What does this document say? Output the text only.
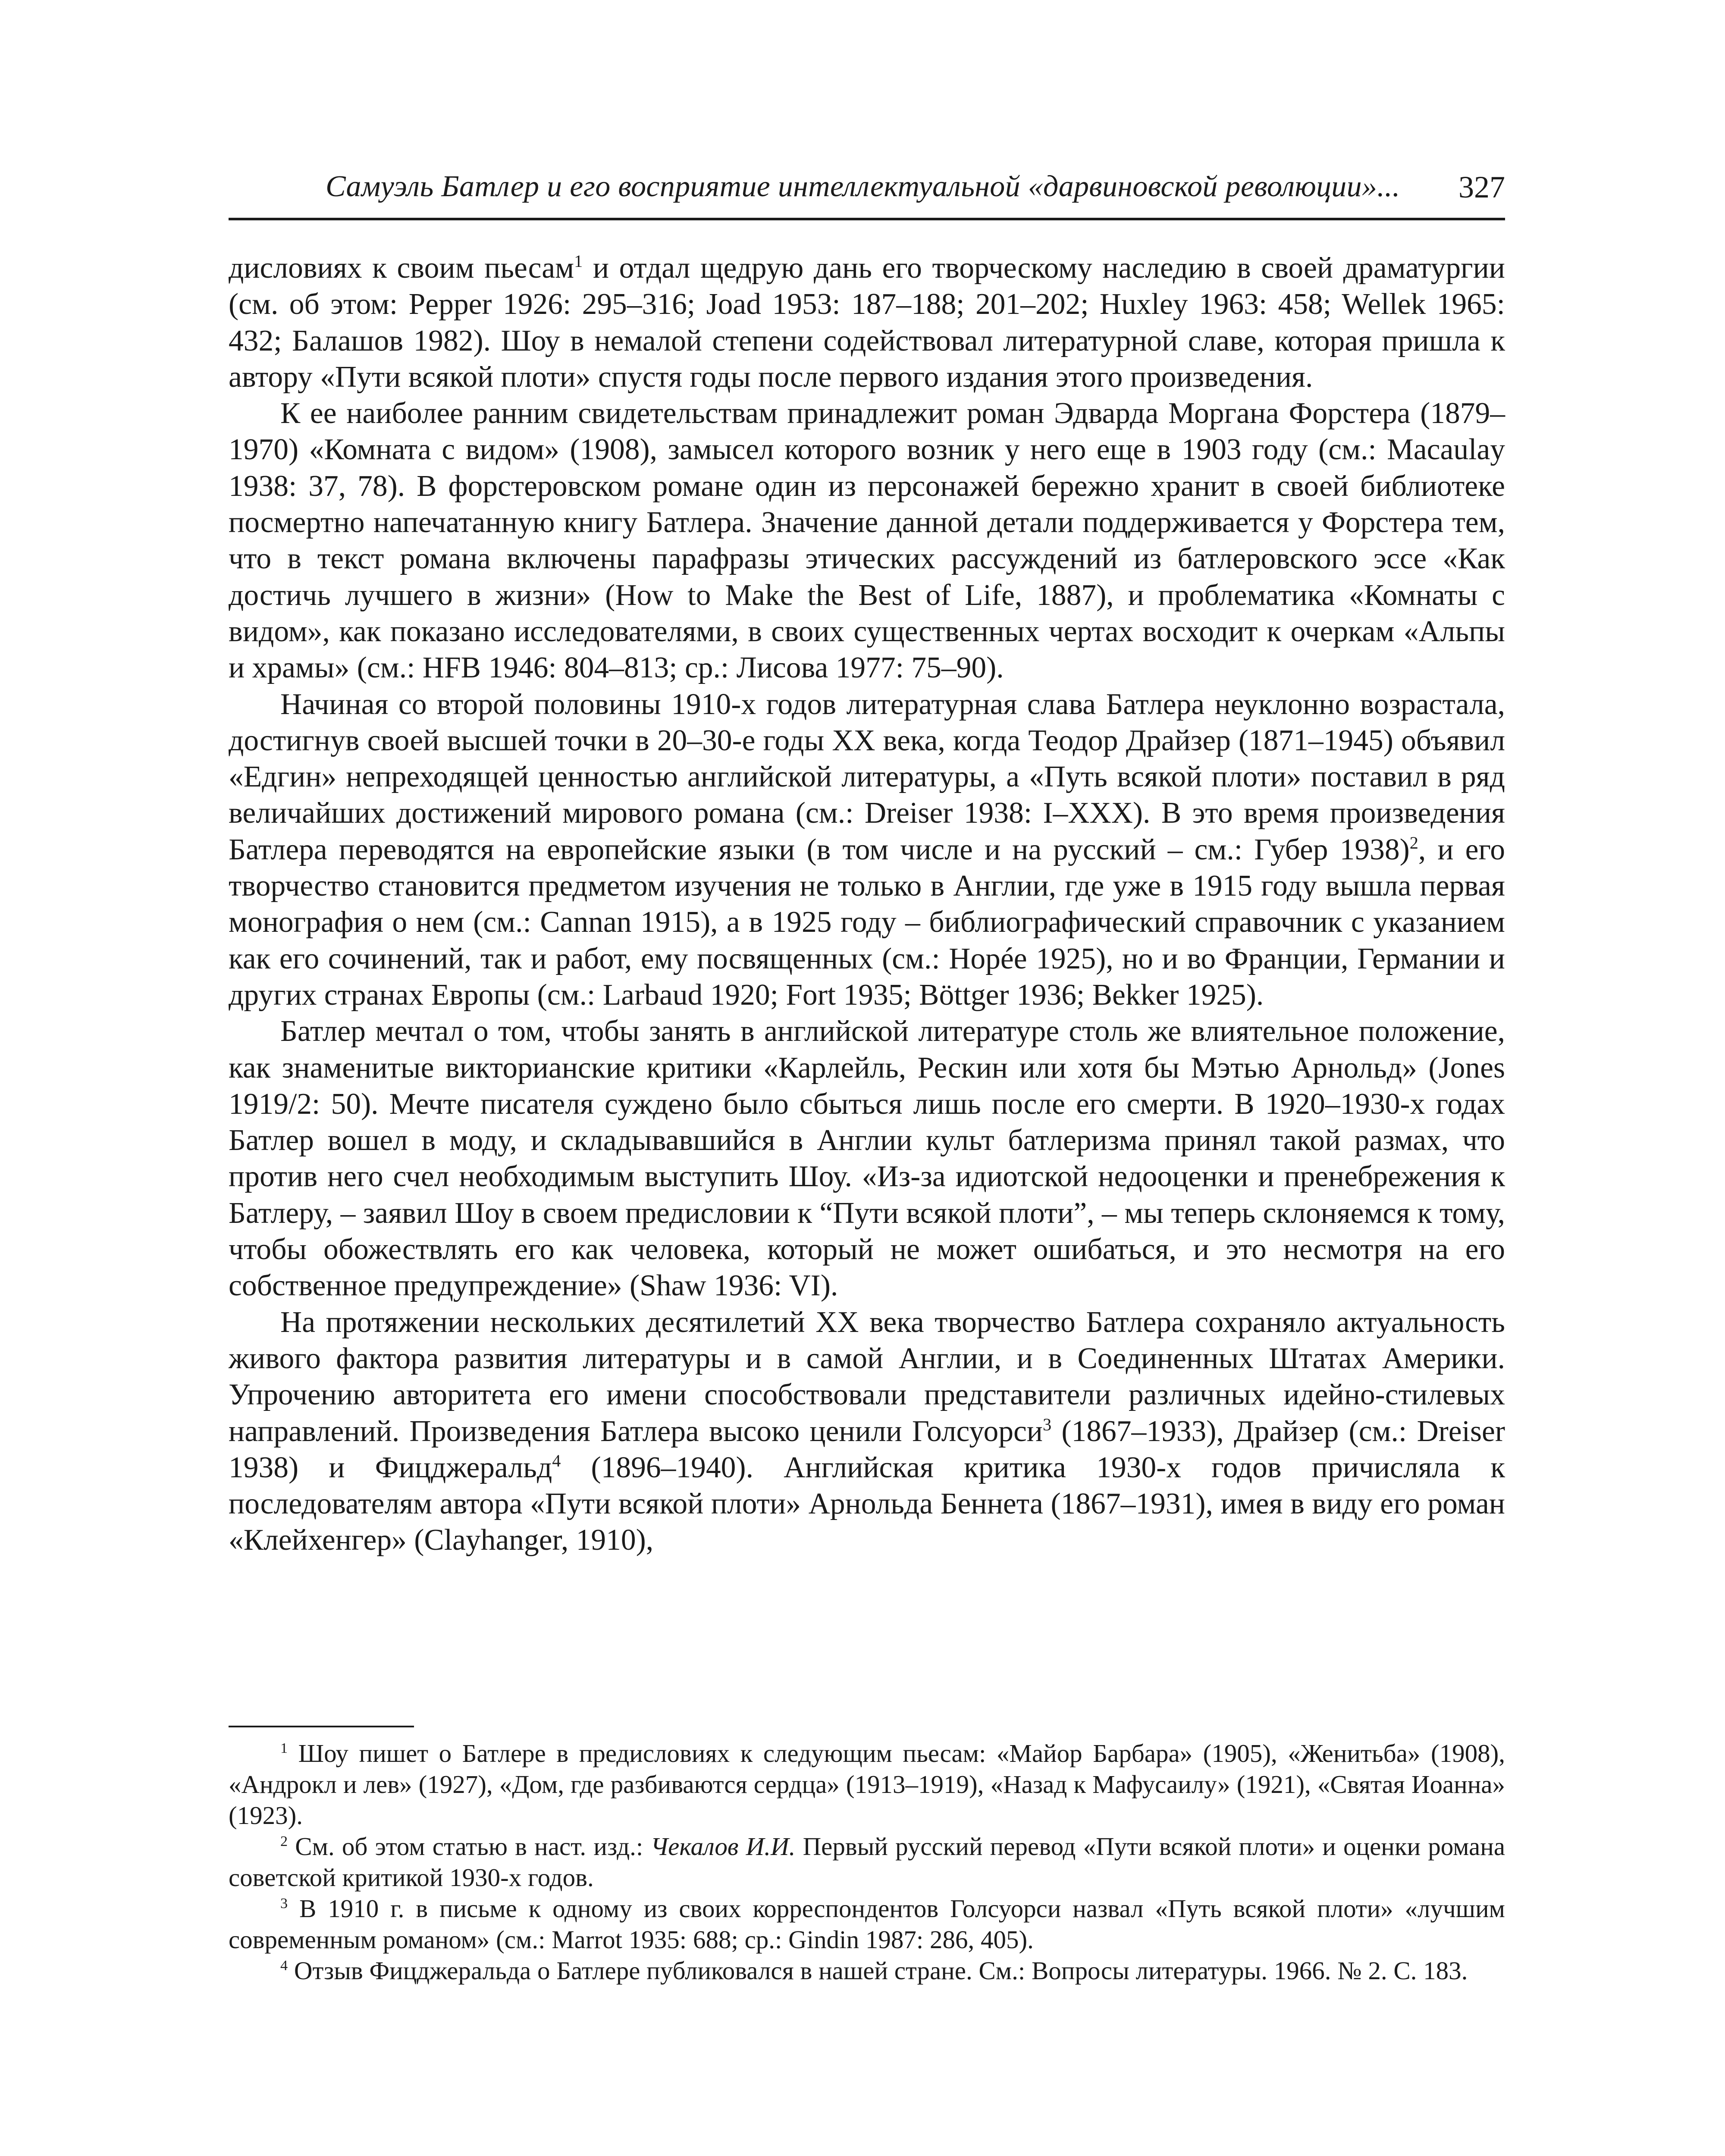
Самуэль Батлер и его восприятие интеллектуальной «дарвиновской революции»... 327

дисловиях к своим пьесам$^1$ и отдал щедрую дань его творческому наследию в своей драматургии (см. об этом: Pepper 1926: 295–316; Joad 1953: 187–188; 201–202; Huxley 1963: 458; Wellek 1965: 432; Балашов 1982). Шоу в немалой степени содействовал литературной славе, которая пришла к автору «Пути всякой плоти» спустя годы после первого издания этого произведения.

К ее наиболее ранним свидетельствам принадлежит роман Эдварда Моргана Форстера (1879–1970) «Комната с видом» (1908), замысел которого возник у него еще в 1903 году (см.: Macaulay 1938: 37, 78). В форстеровском романе один из персонажей бережно хранит в своей библиотеке посмертно напечатанную книгу Батлера. Значение данной детали поддерживается у Форстера тем, что в текст романа включены парафразы этических рассуждений из батлеровского эссе «Как достичь лучшего в жизни» (How to Make the Best of Life, 1887), и проблематика «Комнаты с видом», как показано исследователями, в своих существенных чертах восходит к очеркам «Альпы и храмы» (см.: HFB 1946: 804–813; ср.: Лисова 1977: 75–90).

Начиная со второй половины 1910-х годов литературная слава Батлера неуклонно возрастала, достигнув своей высшей точки в 20–30-е годы XX века, когда Теодор Драйзер (1871–1945) объявил «Едгин» непреходящей ценностью английской литературы, а «Путь всякой плоти» поставил в ряд величайших достижений мирового романа (см.: Dreiser 1938: I–XXX). В это время произведения Батлера переводятся на европейские языки (в том числе и на русский – см.: Губер 1938)$^2$, и его творчество становится предметом изучения не только в Англии, где уже в 1915 году вышла первая монография о нем (см.: Cannan 1915), а в 1925 году – библиографический справочник с указанием как его сочинений, так и работ, ему посвященных (см.: Hopée 1925), но и во Франции, Германии и других странах Европы (см.: Larbaud 1920; Fort 1935; Böttger 1936; Bekker 1925).

Батлер мечтал о том, чтобы занять в английской литературе столь же влиятельное положение, как знаменитые викторианские критики «Карлейль, Рескин или хотя бы Мэтью Арнольд» (Jones 1919/2: 50). Мечте писателя суждено было сбыться лишь после его смерти. В 1920–1930-х годах Батлер вошел в моду, и складывавшийся в Англии культ батлеризма принял такой размах, что против него счел необходимым выступить Шоу. «Из-за идиотской недооценки и пренебрежения к Батлеру, – заявил Шоу в своем предисловии к “Пути всякой плоти”, – мы теперь склоняемся к тому, чтобы обожествлять его как человека, который не может ошибаться, и это несмотря на его собственное предупреждение» (Shaw 1936: VI).

На протяжении нескольких десятилетий XX века творчество Батлера сохраняло актуальность живого фактора развития литературы и в самой Англии, и в Соединенных Штатах Америки. Упрочению авторитета его имени способствовали представители различных идейно-стилевых направлений. Произведения Батлера высоко ценили Голсуорси$^3$ (1867–1933), Драйзер (см.: Dreiser 1938) и Фицджеральд$^4$ (1896–1940). Английская критика 1930-х годов причисляла к последователям автора «Пути всякой плоти» Арнольда Беннета (1867–1931), имея в виду его роман «Клейхенгер» (Clayhanger, 1910),

$^1$ Шоу пишет о Батлере в предисловиях к следующим пьесам: «Майор Барбара» (1905), «Женитьба» (1908), «Андрокл и лев» (1927), «Дом, где разбиваются сердца» (1913–1919), «Назад к Мафусаилу» (1921), «Святая Иоанна» (1923).

$^2$ См. об этом статью в наст. изд.: Чекалов И.И. Первый русский перевод «Пути всякой плоти» и оценки романа советской критикой 1930-х годов.

$^3$ В 1910 г. в письме к одному из своих корреспондентов Голсуорси назвал «Путь всякой плоти» «лучшим современным романом» (см.: Marrot 1935: 688; ср.: Gindin 1987: 286, 405).

$^4$ Отзыв Фицджеральда о Батлере публиковался в нашей стране. См.: Вопросы литературы. 1966. № 2. С. 183.
